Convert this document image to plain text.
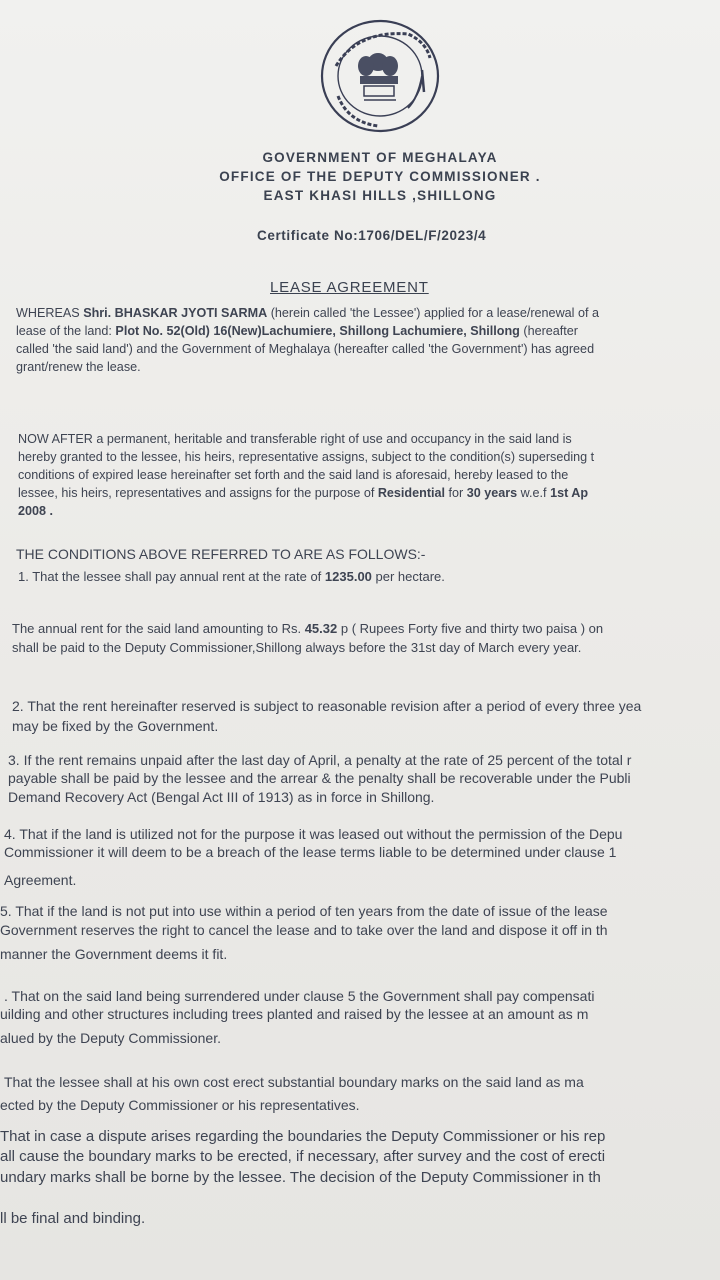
GOVERNMENT OF MEGHALAYA
OFFICE OF THE DEPUTY COMMISSIONER .
EAST KHASI HILLS ,SHILLONG
Certificate No:1706/DEL/F/2023/4
LEASE AGREEMENT
WHEREAS Shri. BHASKAR JYOTI SARMA (herein called 'the Lessee') applied for a lease/renewal of a
lease of the land: Plot No. 52(Old) 16(New)Lachumiere, Shillong Lachumiere, Shillong (hereafter
called 'the said land') and the Government of Meghalaya (hereafter called 'the Government') has agreed
grant/renew the lease.
NOW AFTER a permanent, heritable and transferable right of use and occupancy in the said land is
hereby granted to the lessee, his heirs, representative assigns, subject to the condition(s) superseding t
conditions of expired lease hereinafter set forth and the said land is aforesaid, hereby leased to the
lessee, his heirs, representatives and assigns for the purpose of Residential for 30 years w.e.f 1st Ap
2008 .
THE CONDITIONS ABOVE REFERRED TO ARE AS FOLLOWS:-
1. That the lessee shall pay annual rent at the rate of 1235.00 per hectare.
The annual rent for the said land amounting to Rs. 45.32 p ( Rupees Forty five and thirty two paisa ) on
shall be paid to the Deputy Commissioner,Shillong always before the 31st day of March every year.
2. That the rent hereinafter reserved is subject to reasonable revision after a period of every three yea
may be fixed by the Government.
3. If the rent remains unpaid after the last day of April, a penalty at the rate of 25 percent of the total r
payable shall be paid by the lessee and the arrear & the penalty shall be recoverable under the Publi
Demand Recovery Act (Bengal Act III of 1913) as in force in Shillong.
4. That if the land is utilized not for the purpose it was leased out without the permission of the Depu
Commissioner it will deem to be a breach of the lease terms liable to be determined under clause 1
Agreement.
5. That if the land is not put into use within a period of ten years from the date of issue of the lease
Government reserves the right to cancel the lease and to take over the land and dispose it off in th
manner the Government deems it fit.
. That on the said land being surrendered under clause 5 the Government shall pay compensati
uilding and other structures including trees planted and raised by the lessee at an amount as m
alued by the Deputy Commissioner.
That the lessee shall at his own cost erect substantial boundary marks on the said land as ma
ected by the Deputy Commissioner or his representatives.
That in case a dispute arises regarding the boundaries the Deputy Commissioner or his rep
all cause the boundary marks to be erected, if necessary, after survey and the cost of erecti
undary marks shall be borne by the lessee. The decision of the Deputy Commissioner in th
ll be final and binding.
